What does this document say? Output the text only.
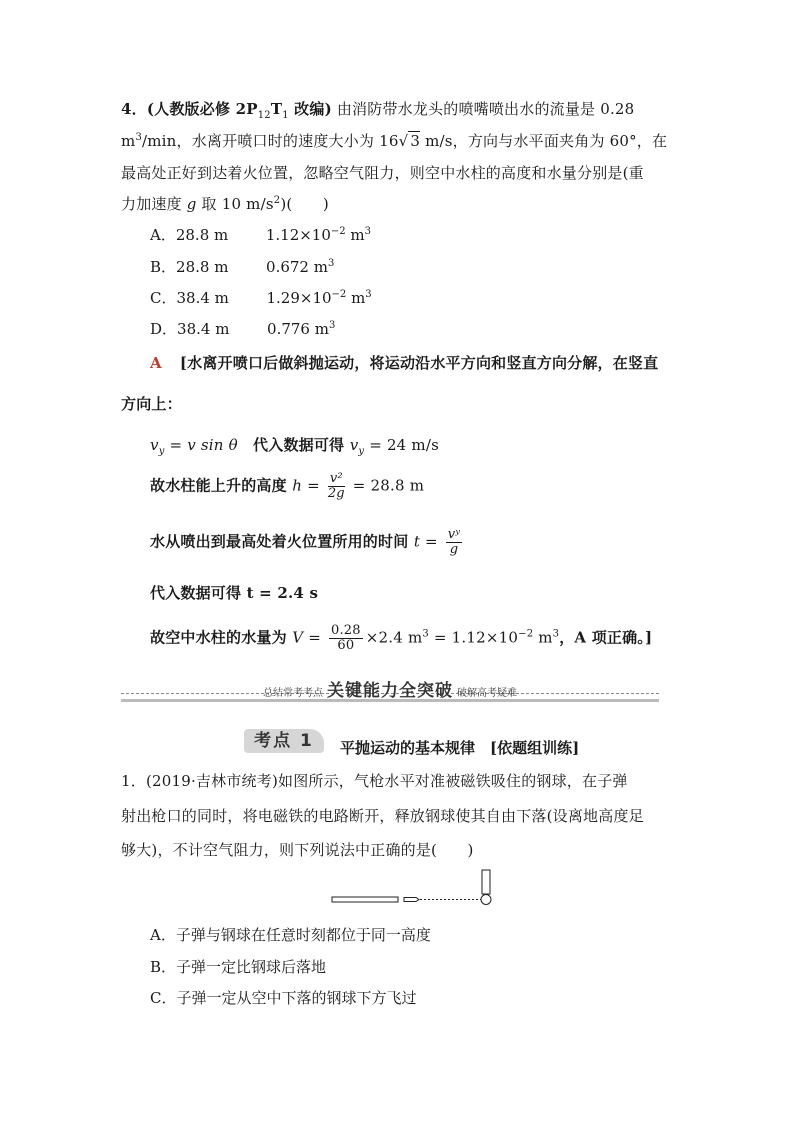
4．(人教版必修 $2P_{12}T_1$ 改编) 由消防带水龙头的喷嘴喷出水的流量是 0.28
$m^3/\min$，水离开喷口时的速度大小为 16√ 3 m/s，方向与水平面夹角为 60°，在
最高处正好到达着火位置，忽略空气阻力，则空中水柱的高度和水量分别是(重
力加速度 g 取 10 $m/s^2$)(　　)
A．28.8 m	$1.12\times 10^{-2}$ $m^3$
B．28.8 m	0.672 $m^3$
C．38.4 m	$1.29\times 10^{-2}$ $m^3$
D．38.4 m	0.776 $m^3$
A [水离开喷口后做斜抛运动，将运动沿水平方向和竖直方向分解，在竖直
方向上：
$v_y = v$ sin θ　代入数据可得 $v_y = 24$ m/s
故水柱能上升的高度 $h = \frac{\text{v²}}{2g} = 28.8$ m
水从喷出到最高处着火位置所用的时间 $t = \frac{\text{vʸ}}{g}$
代入数据可得 t = 2.4 s
故空中水柱的水量为 $V = \frac{0.28}{60} \times 2.4$ $m^3 = 1.12\times 10^{-2}$ $m^3$，A 项正确。]
总结常考考点 关键能力全突破 破解高考疑难
考点 1	平抛运动的基本规律　 [依题组训练]
1．(2019·吉林市统考)如图所示，气枪水平对准被磁铁吸住的钢球，在子弹
射出枪口的同时，将电磁铁的电路断开，释放钢球使其自由下落(设离地高度足
够大)，不计空气阻力，则下列说法中正确的是(　　)
A．子弹与钢球在任意时刻都位于同一高度
B．子弹一定比钢球后落地
C．子弹一定从空中下落的钢球下方飞过
